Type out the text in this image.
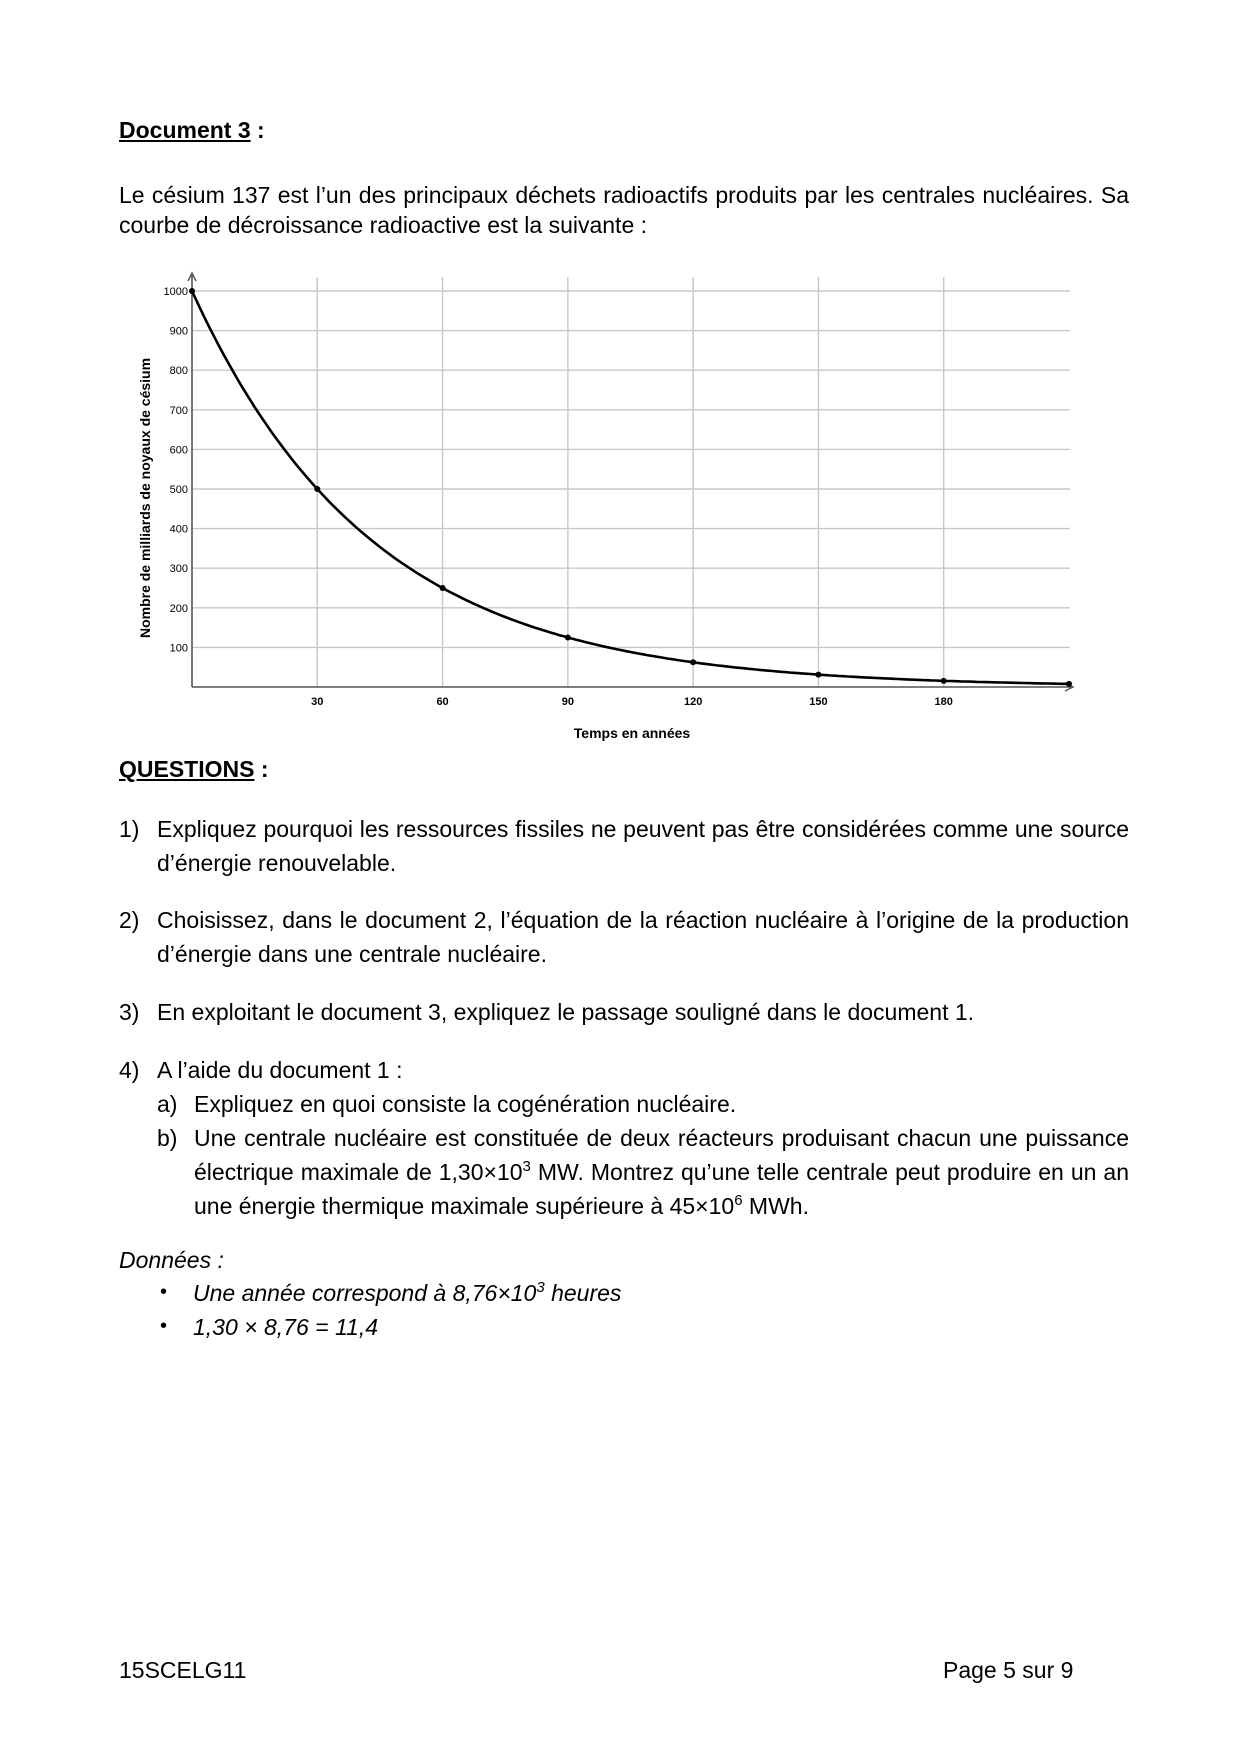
Document 3 :
Le césium 137 est l’un des principaux déchets radioactifs produits par les centrales nucléaires. Sa courbe de décroissance radioactive est la suivante :
100
200
300
400
500
600
700
800
900
1000
30	60	90	120	150	180
Temps en années
Nombre de milliards de noyaux de césium
QUESTIONS :
1) Expliquez pourquoi les ressources fissiles ne peuvent pas être considérées comme une source d’énergie renouvelable.
2) Choisissez, dans le document 2, l’équation de la réaction nucléaire à l’origine de la production d’énergie dans une centrale nucléaire.
3) En exploitant le document 3, expliquez le passage souligné dans le document 1.
4) A l’aide du document 1 :
a) Expliquez en quoi consiste la cogénération nucléaire.
b) Une centrale nucléaire est constituée de deux réacteurs produisant chacun une puissance électrique maximale de $1,30\times 10^3$ MW. Montrez qu’une telle centrale peut produire en un an une énergie thermique maximale supérieure à $45\times 10^6$ MWh.
Données :
• Une année correspond à $8,76\times 10^3$ heures
• 1,30 × 8,76 = 11,4
15SCELG11	Page 5 sur 9
